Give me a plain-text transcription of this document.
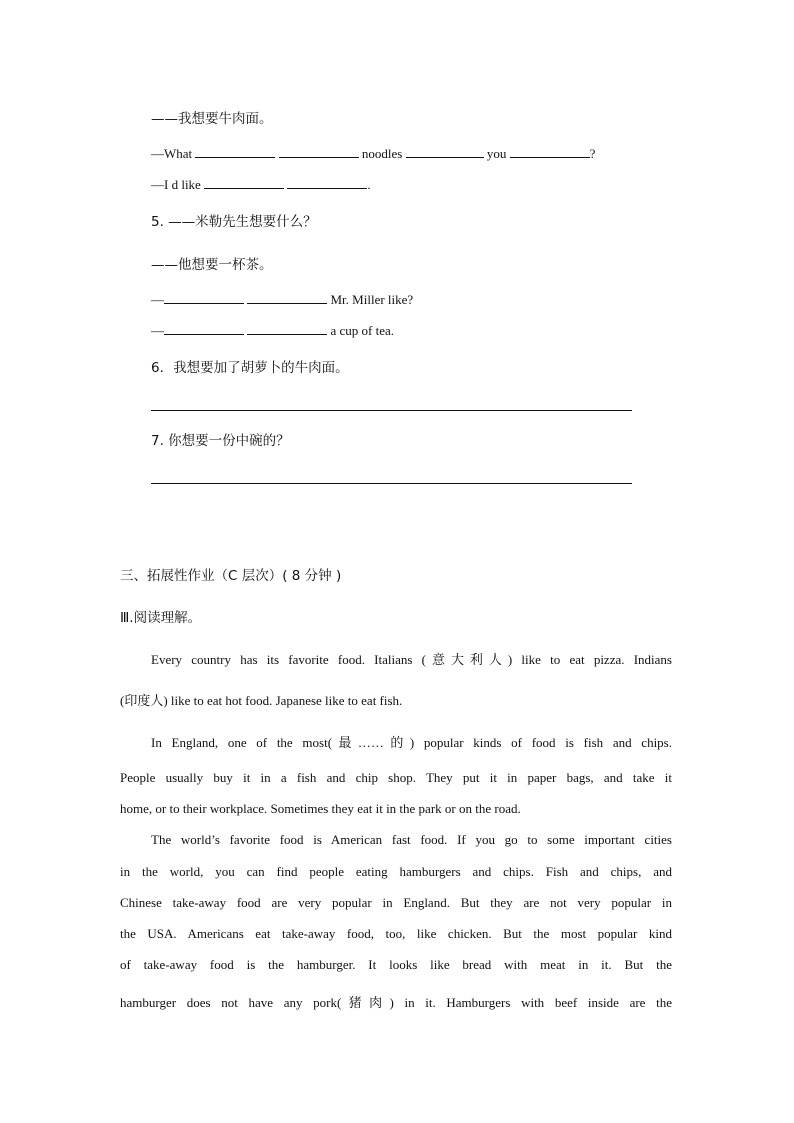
——我想要牛肉面。
—What	noodles	you	?
—I d like	.
5. ——米勒先生想要什么？
——他想要一杯茶。
—	Mr. Miller like?
—	a cup of tea.
6．我想要加了胡萝卜的牛肉面。
7. 你想要一份中碗的？
三、拓展性作业（C 层次）( 8 分钟 )
Ⅲ.阅读理解。
Every country has its favorite food. Italians (意大利人) like to eat pizza. Indians
(印度人) like to eat hot food. Japanese like to eat fish.
In England, one of the most(最……的) popular kinds of food is fish and chips.
People usually buy it in a fish and chip shop. They put it in paper bags, and take it
home, or to their workplace. Sometimes they eat it in the park or on the road.
The world’s favorite food is American fast food. If you go to some important cities
in the world, you can find people eating hamburgers and chips. Fish and chips, and
Chinese take-away food are very popular in England. But they are not very popular in
the USA. Americans eat take-away food, too, like chicken. But the most popular kind
of take-away food is the hamburger. It looks like bread with meat in it. But the
hamburger does not have any pork(猪肉) in it. Hamburgers with beef inside are the
